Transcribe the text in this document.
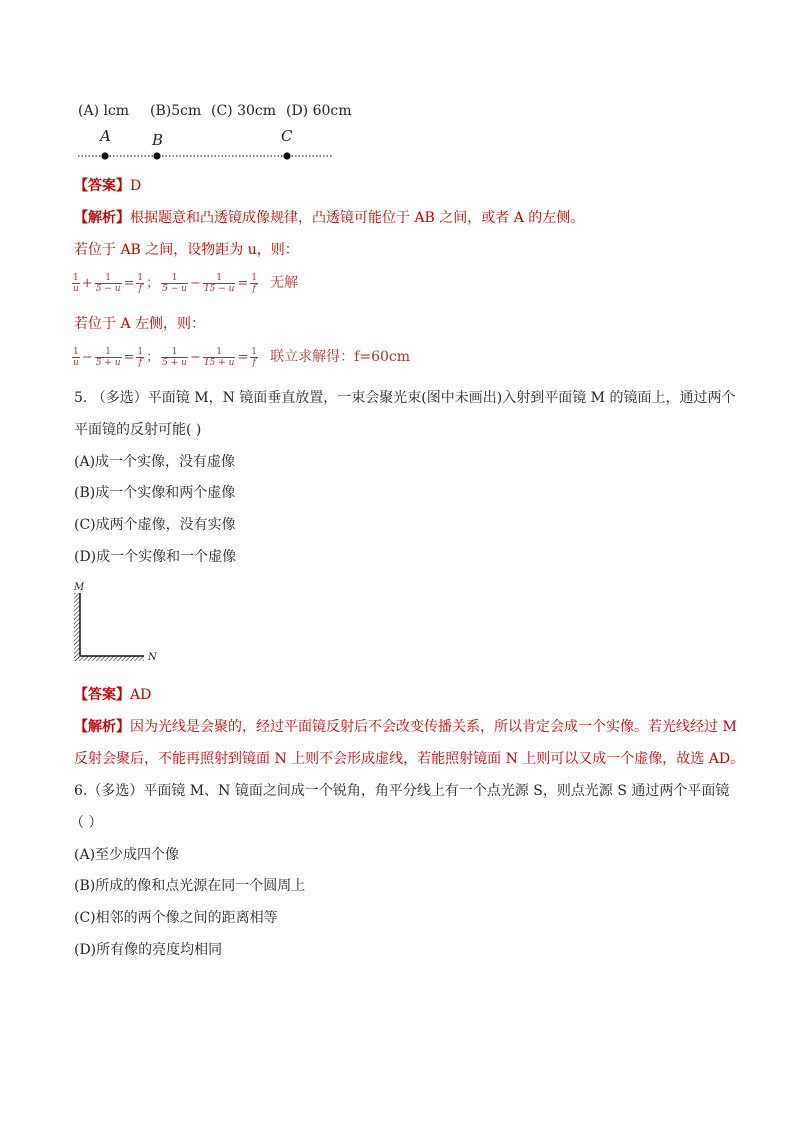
(A) lcm (B)5cm (C) 30cm (D) 60cm
A	B	C
【答案】D
【解析】根据题意和凸透镜成像规律，凸透镜可能位于 AB 之间，或者 A 的左侧。
若位于 AB 之间，设物距为 u，则：
$\frac{1}{u} + \frac{1}{5 - u} = \frac{1}{f}$ ； $\frac{1}{5 - u} - \frac{1}{15 - u} = \frac{1}{f}$ 无解
若位于 A 左侧，则：
$\frac{1}{u} - \frac{1}{5 + u} = \frac{1}{f}$ ； $\frac{1}{5 + u} - \frac{1}{15 + u} = \frac{1}{f}$ 联立求解得：f=60cm
5. （多选）平面镜 M，N 镜面垂直放置，一束会聚光束(图中未画出)入射到平面镜 M 的镜面上，通过两个
平面镜的反射可能( )
(A)成一个实像，没有虚像
(B)成一个实像和两个虚像
(C)成两个虚像，没有实像
(D)成一个实像和一个虚像
M
N
【答案】AD
【解析】因为光线是会聚的，经过平面镜反射后不会改变传播关系，所以肯定会成一个实像。若光线经过 M
反射会聚后，不能再照射到镜面 N 上则不会形成虚线，若能照射镜面 N 上则可以又成一个虚像，故选 AD。
6.（多选）平面镜 M、N 镜面之间成一个锐角，角平分线上有一个点光源 S，则点光源 S 通过两个平面镜
（ ）
(A)至少成四个像
(B)所成的像和点光源在同一个圆周上
(C)相邻的两个像之间的距离相等
(D)所有像的亮度均相同
